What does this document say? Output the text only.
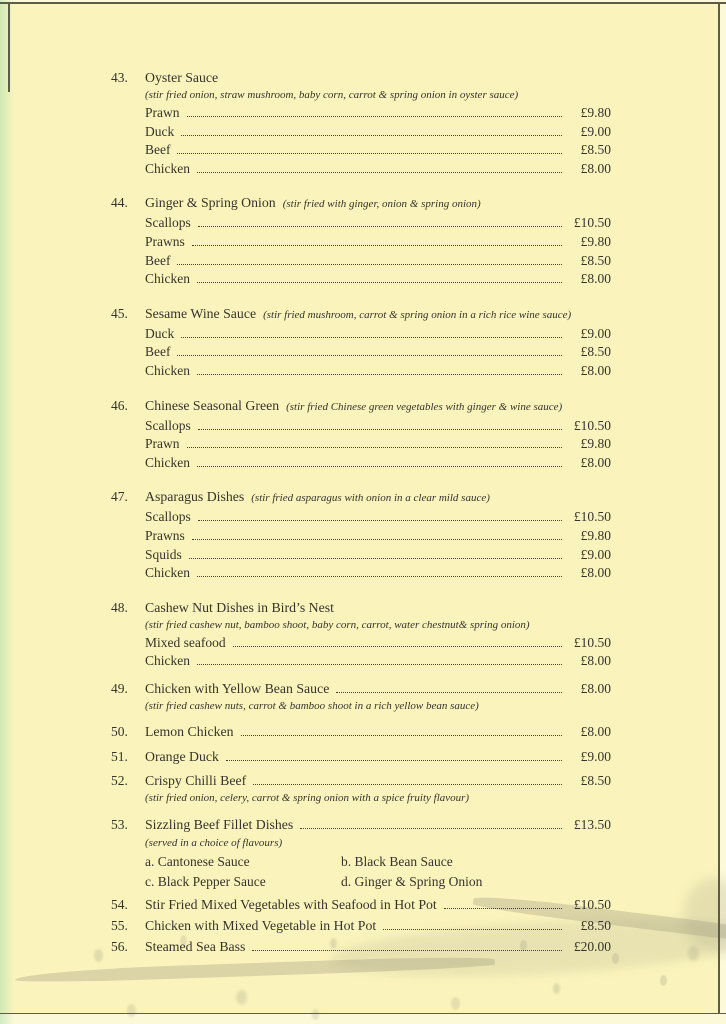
43.	Oyster Sauce
(stir fried onion, straw mushroom, baby corn, carrot & spring onion in oyster sauce)
Prawn	£9.80
Duck	£9.00
Beef	£8.50
Chicken	£8.00
44.	Ginger & Spring Onion (stir fried with ginger, onion & spring onion)
Scallops	£10.50
Prawns	£9.80
Beef	£8.50
Chicken	£8.00
45.	Sesame Wine Sauce (stir fried mushroom, carrot & spring onion in a rich rice wine sauce)
Duck	£9.00
Beef	£8.50
Chicken	£8.00
46.	Chinese Seasonal Green (stir fried Chinese green vegetables with ginger & wine sauce)
Scallops	£10.50
Prawn	£9.80
Chicken	£8.00
47.	Asparagus Dishes (stir fried asparagus with onion in a clear mild sauce)
Scallops	£10.50
Prawns	£9.80
Squids	£9.00
Chicken	£8.00
48.	Cashew Nut Dishes in Bird’s Nest
(stir fried cashew nut, bamboo shoot, baby corn, carrot, water chestnut& spring onion)
Mixed seafood	£10.50
Chicken	£8.00
49.	Chicken with Yellow Bean Sauce	£8.00
(stir fried cashew nuts, carrot & bamboo shoot in a rich yellow bean sauce)
50.	Lemon Chicken	£8.00
51.	Orange Duck	£9.00
52.	Crispy Chilli Beef	£8.50
(stir fried onion, celery, carrot & spring onion with a spice fruity flavour)
53.	Sizzling Beef Fillet Dishes	£13.50
(served in a choice of flavours)
a. Cantonese Sauce	b. Black Bean Sauce
c. Black Pepper Sauce	d. Ginger & Spring Onion
54.	Stir Fried Mixed Vegetables with Seafood in Hot Pot	£10.50
55.	Chicken with Mixed Vegetable in Hot Pot	£8.50
56.	Steamed Sea Bass	£20.00
